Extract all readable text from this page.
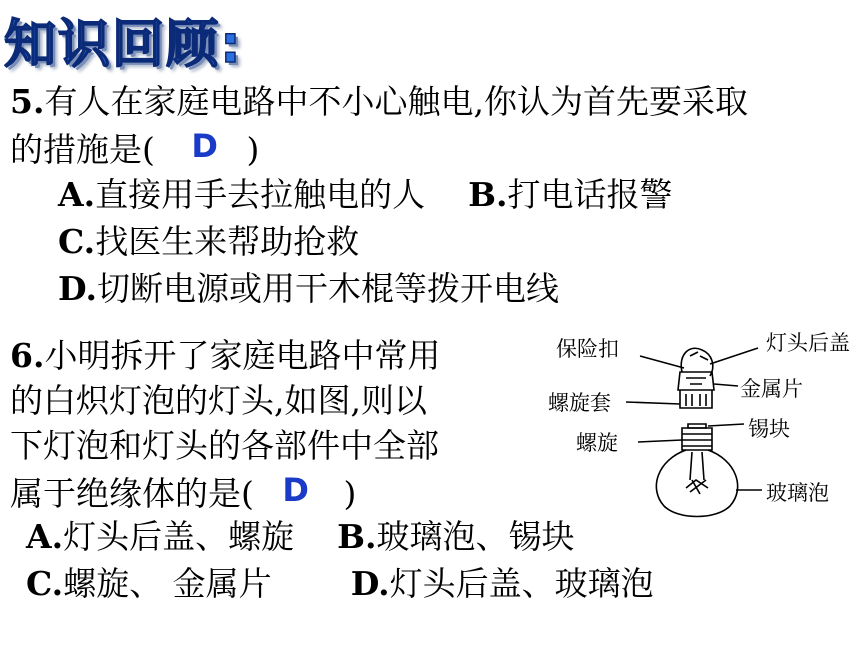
知识回顾:
5.有人在家庭电路中不小心触电,你认为首先要采取
的措施是( D )
A.直接用手去拉触电的人 B.打电话报警
C.找医生来帮助抢救
D.切断电源或用干木棍等拨开电线
6.小明拆开了家庭电路中常用
的白炽灯泡的灯头,如图,则以
下灯泡和灯头的各部件中全部
属于绝缘体的是( D )
A.灯头后盖、螺旋 B.玻璃泡、锡块
C.螺旋、 金属片 D.灯头后盖、玻璃泡
保险扣	灯头后盖
金属片
螺旋套
锡块
螺旋
玻璃泡
